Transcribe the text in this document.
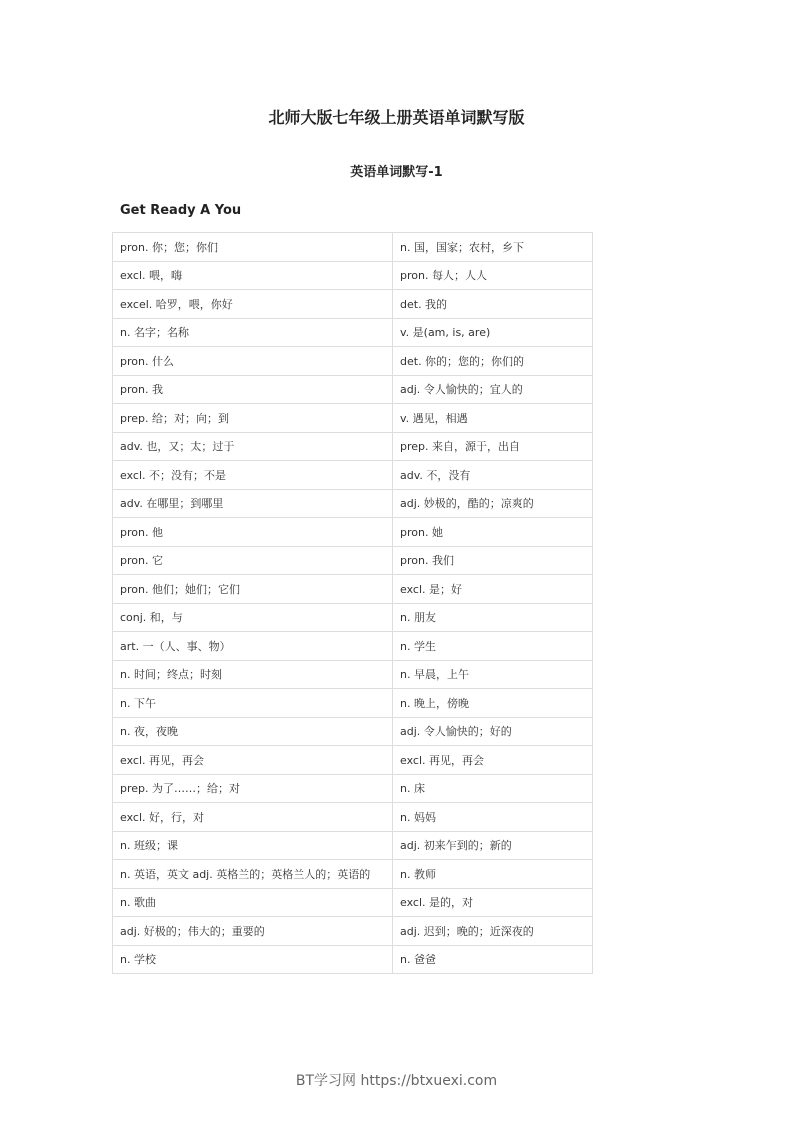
北师大版七年级上册英语单词默写版
英语单词默写-1
Get Ready A You
pron. 你；您；你们	n. 国，国家；农村，乡下
excl. 喂，嗨	pron. 每人；人人
excel. 哈罗，喂，你好	det. 我的
n. 名字；名称	v. 是(am, is, are)
pron. 什么	det. 你的；您的；你们的
pron. 我	adj. 令人愉快的；宜人的
prep. 给；对；向；到	v. 遇见，相遇
adv. 也，又；太；过于	prep. 来自，源于，出自
excl. 不；没有；不是	adv. 不，没有
adv. 在哪里；到哪里	adj. 妙极的，酷的；凉爽的
pron. 他	pron. 她
pron. 它	pron. 我们
pron. 他们；她们；它们	excl. 是；好
conj. 和，与	n. 朋友
art. 一（人、事、物）	n. 学生
n. 时间；终点；时刻	n. 早晨，上午
n. 下午	n. 晚上，傍晚
n. 夜，夜晚	adj. 令人愉快的；好的
excl. 再见，再会	excl. 再见，再会
prep. 为了……；给；对	n. 床
excl. 好，行，对	n. 妈妈
n. 班级；课	adj. 初来乍到的；新的
n. 英语，英文 adj. 英格兰的；英格兰人的；英语的	n. 教师
n. 歌曲	excl. 是的，对
adj. 好极的；伟大的；重要的	adj. 迟到；晚的；近深夜的
n. 学校	n. 爸爸
BT学习网 https://btxuexi.com
